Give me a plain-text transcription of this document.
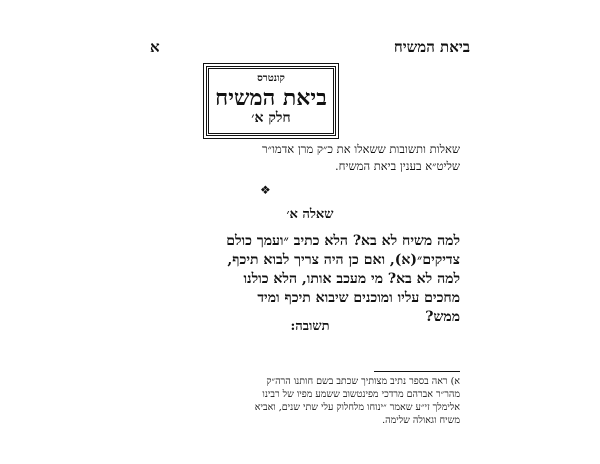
ביאת המשיח
א
קונטרס
ביאת המשיח
חלק א׳
שאלות ותשובות ששאלו את כ״ק מרן אדמו״ר
שליט״א בענין ביאת המשיח.
❖
שאלה א׳
למה משיח לא בא? הלא כתיב ״ועמך כולם
צדיקים״(א), ואם כן היה צריך לבוא תיכף,
למה לא בא? מי מעכב אותו, הלא כולנו
מחכים עליו ומוכנים שיבוא תיכף ומיד
ממש?
תשובה:
א) ראה בספר נתיב מצותיך שכתב בשם חותנו הרה״ק
מהר״ר אברהם מרדכי מפינטשוב ששמע מפיו של רבינו
אלימלך זי״ע שאמר ״ינוחו מלחלוק עלי שתי שנים, ואביא
משיח וגאולה שלימה.
